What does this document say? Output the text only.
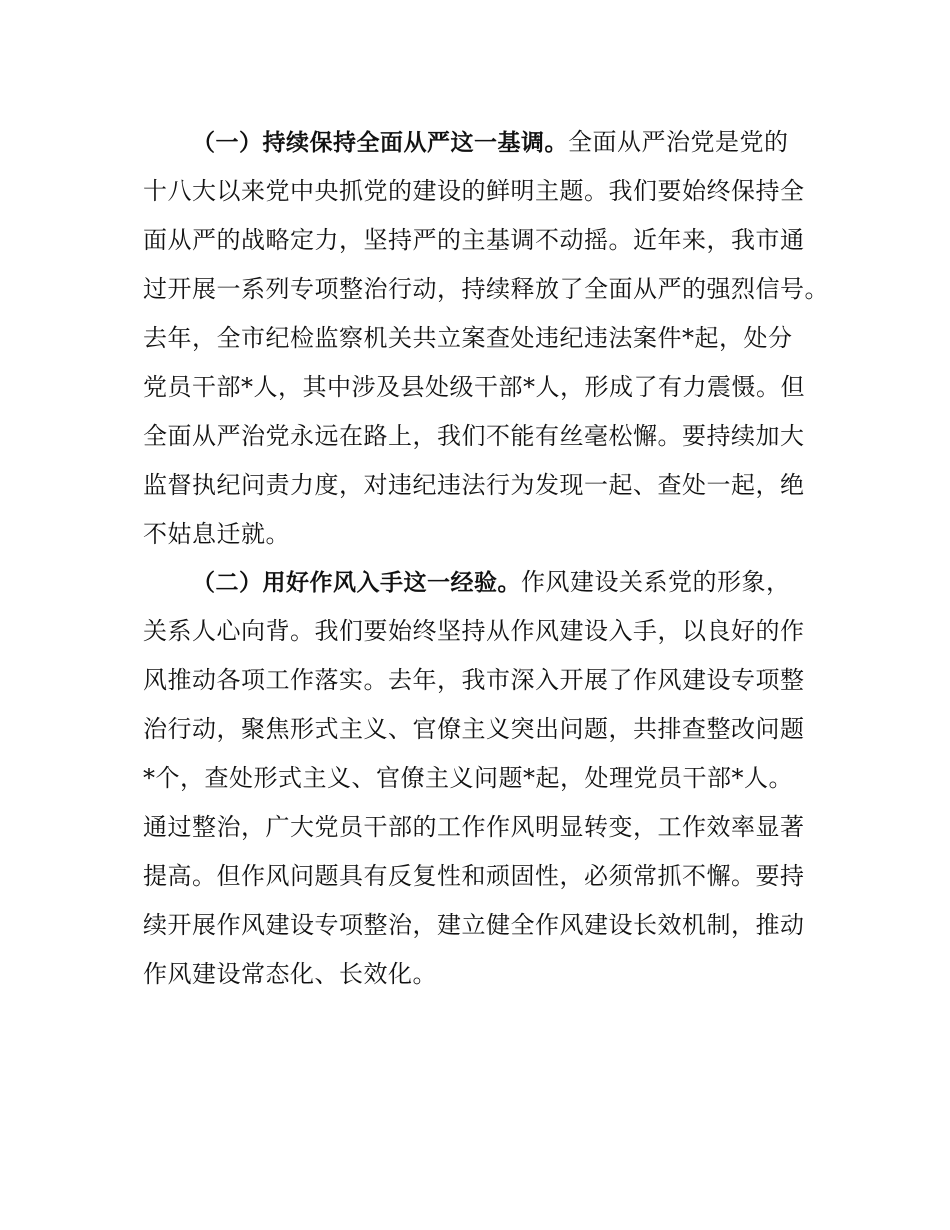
（一）持续保持全面从严这一基调。全面从严治党是党的
十八大以来党中央抓党的建设的鲜明主题。我们要始终保持全
面从严的战略定力，坚持严的主基调不动摇。近年来，我市通
过开展一系列专项整治行动，持续释放了全面从严的强烈信号。
去年，全市纪检监察机关共立案查处违纪违法案件*起，处分
党员干部*人，其中涉及县处级干部*人，形成了有力震慑。但
全面从严治党永远在路上，我们不能有丝毫松懈。要持续加大
监督执纪问责力度，对违纪违法行为发现一起、查处一起，绝
不姑息迁就。
（二）用好作风入手这一经验。作风建设关系党的形象，
关系人心向背。我们要始终坚持从作风建设入手，以良好的作
风推动各项工作落实。去年，我市深入开展了作风建设专项整
治行动，聚焦形式主义、官僚主义突出问题，共排查整改问题
*个，查处形式主义、官僚主义问题*起，处理党员干部*人。
通过整治，广大党员干部的工作作风明显转变，工作效率显著
提高。但作风问题具有反复性和顽固性，必须常抓不懈。要持
续开展作风建设专项整治，建立健全作风建设长效机制，推动
作风建设常态化、长效化。
